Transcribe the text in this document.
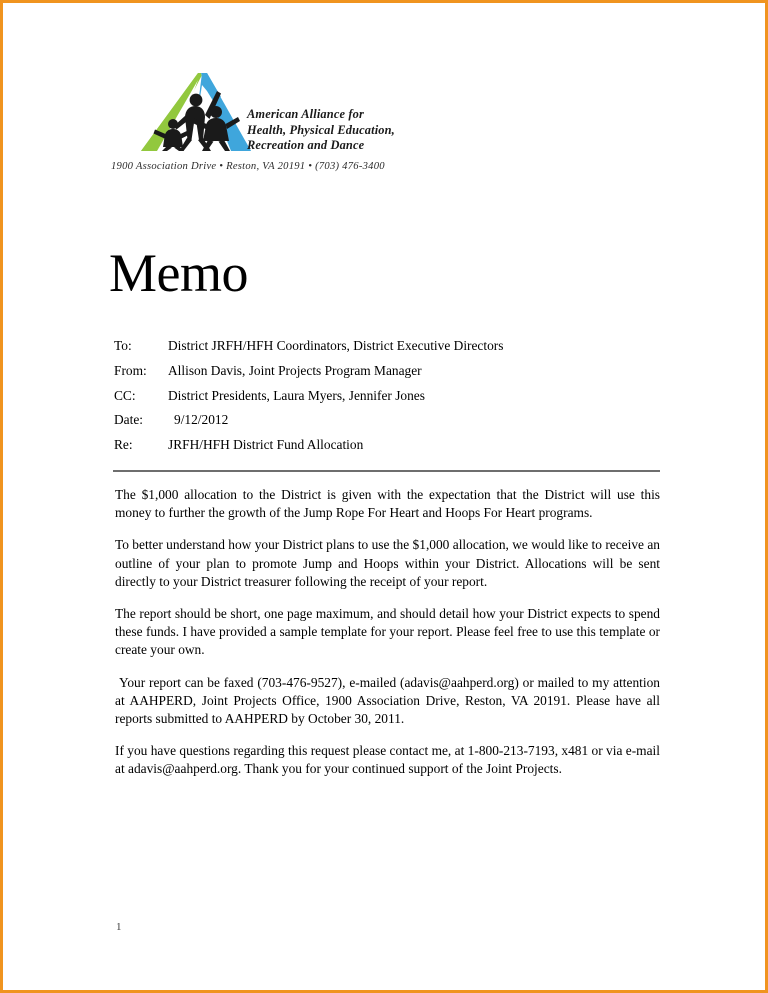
American Alliance for
Health, Physical Education,
Recreation and Dance
1900 Association Drive • Reston, VA 20191 • (703) 476-3400
Memo
To:	District JRFH/HFH Coordinators, District Executive Directors
From: Allison Davis, Joint Projects Program Manager
CC: District Presidents, Laura Myers, Jennifer Jones
Date: 9/12/2012
Re:	JRFH/HFH District Fund Allocation

The $1,000 allocation to the District is given with the expectation that the District will use this money to further the growth of the Jump Rope For Heart and Hoops For Heart programs.

To better understand how your District plans to use the $1,000 allocation, we would like to receive an outline of your plan to promote Jump and Hoops within your District. Allocations will be sent directly to your District treasurer following the receipt of your report.

The report should be short, one page maximum, and should detail how your District expects to spend these funds. I have provided a sample template for your report. Please feel free to use this template or create your own.

Your report can be faxed (703-476-9527), e-mailed (adavis@aahperd.org) or mailed to my attention at AAHPERD, Joint Projects Office, 1900 Association Drive, Reston, VA 20191. Please have all reports submitted to AAHPERD by October 30, 2011.

If you have questions regarding this request please contact me, at 1-800-213-7193, x481 or via e-mail at adavis@aahperd.org. Thank you for your continued support of the Joint Projects.

1
